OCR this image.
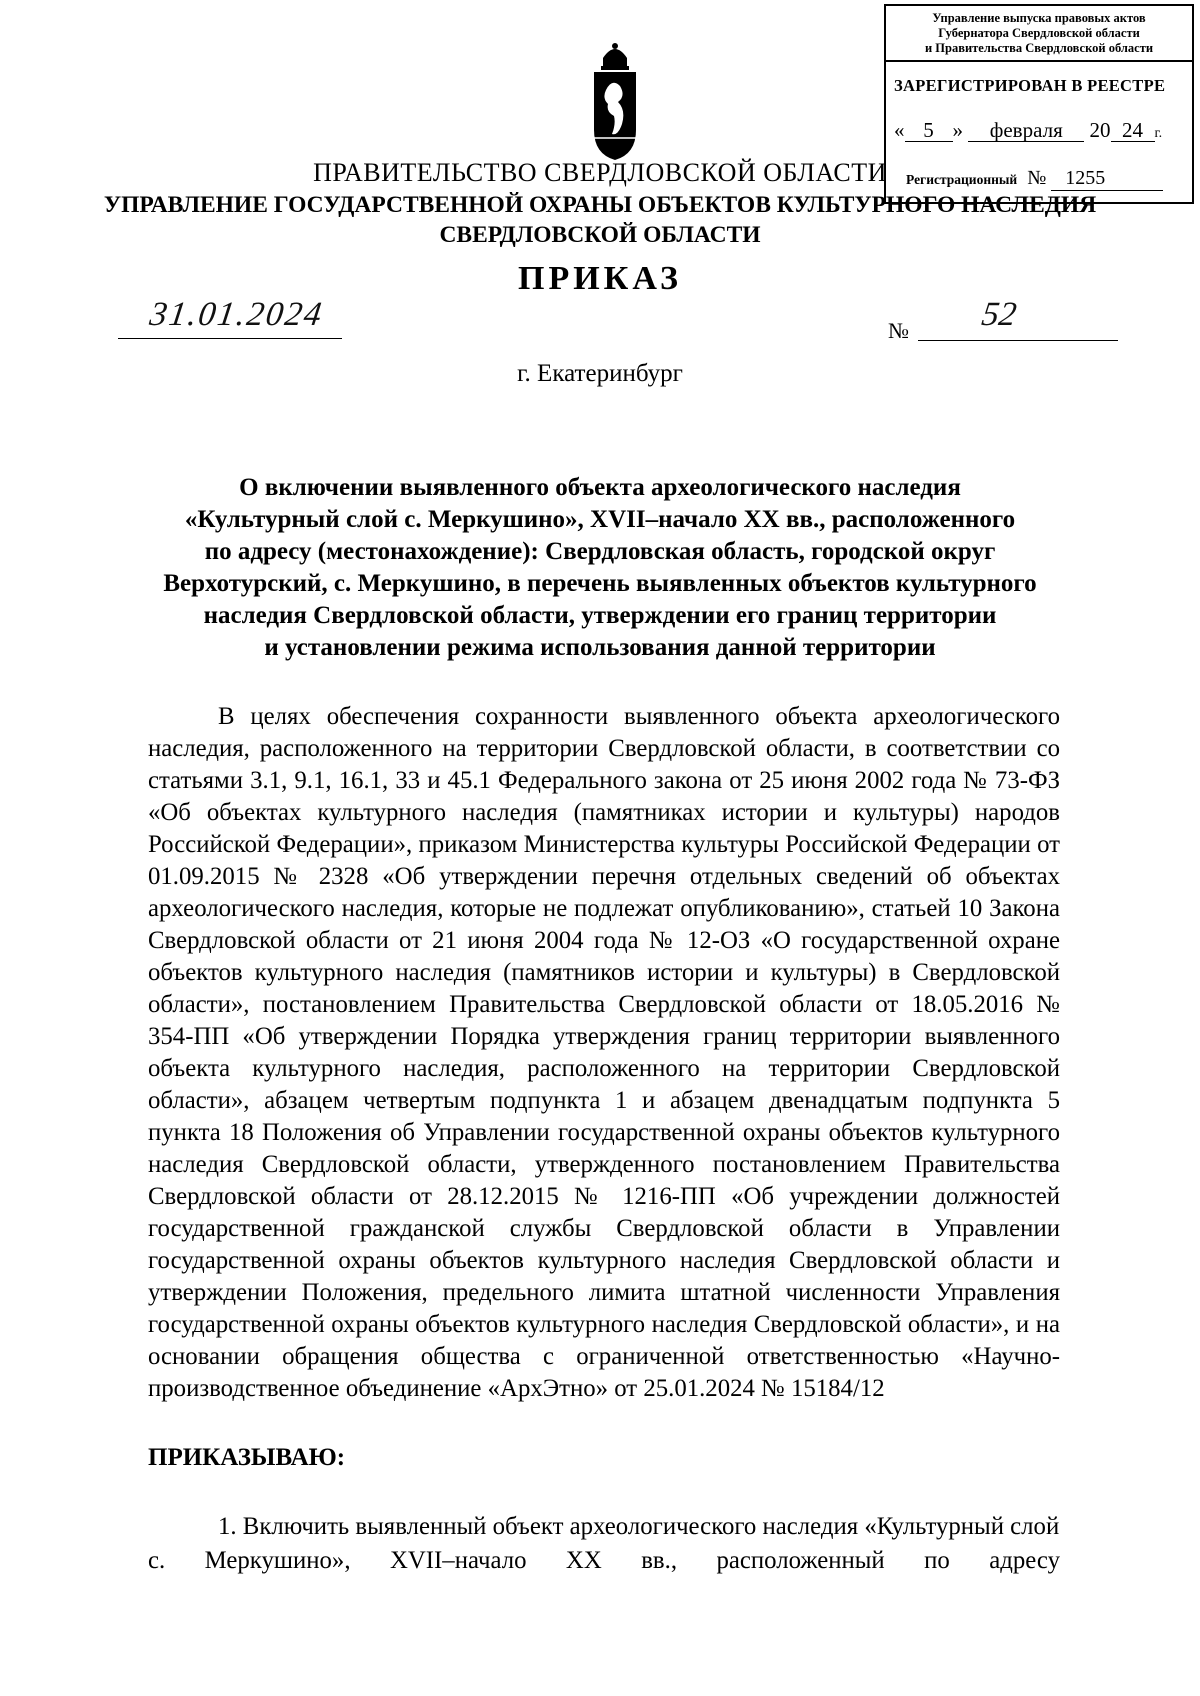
Управление выпуска правовых актов
Губернатора Свердловской области
и Правительства Свердловской области
ЗАРЕГИСТРИРОВАН В РЕЕСТРЕ
« 5 » февраля 20 24 г.
Регистрационный № 1255
ПРАВИТЕЛЬСТВО СВЕРДЛОВСКОЙ ОБЛАСТИ
УПРАВЛЕНИЕ ГОСУДАРСТВЕННОЙ ОХРАНЫ ОБЪЕКТОВ КУЛЬТУРНОГО НАСЛЕДИЯ
СВЕРДЛОВСКОЙ ОБЛАСТИ
ПРИКАЗ
31.01.2024	№ 52
г. Екатеринбург
О включении выявленного объекта археологического наследия
«Культурный слой с. Меркушино», XVII–начало XX вв., расположенного
по адресу (местонахождение): Свердловская область, городской округ
Верхотурский, с. Меркушино, в перечень выявленных объектов культурного
наследия Свердловской области, утверждении его границ территории
и установлении режима использования данной территории

В целях обеспечения сохранности выявленного объекта археологического наследия, расположенного на территории Свердловской области, в соответствии со статьями 3.1, 9.1, 16.1, 33 и 45.1 Федерального закона от 25 июня 2002 года № 73-ФЗ «Об объектах культурного наследия (памятниках истории и культуры) народов Российской Федерации», приказом Министерства культуры Российской Федерации от 01.09.2015 № 2328 «Об утверждении перечня отдельных сведений об объектах археологического наследия, которые не подлежат опубликованию», статьей 10 Закона Свердловской области от 21 июня 2004 года № 12-ОЗ «О государственной охране объектов культурного наследия (памятников истории и культуры) в Свердловской области», постановлением Правительства Свердловской области от 18.05.2016 № 354-ПП «Об утверждении Порядка утверждения границ территории выявленного объекта культурного наследия, расположенного на территории Свердловской области», абзацем четвертым подпункта 1 и абзацем двенадцатым подпункта 5 пункта 18 Положения об Управлении государственной охраны объектов культурного наследия Свердловской области, утвержденного постановлением Правительства Свердловской области от 28.12.2015 № 1216-ПП «Об учреждении должностей государственной гражданской службы Свердловской области в Управлении государственной охраны объектов культурного наследия Свердловской области и утверждении Положения, предельного лимита штатной численности Управления государственной охраны объектов культурного наследия Свердловской области», и на основании обращения общества с ограниченной ответственностью «Научно-производственное объединение «АрхЭтно» от 25.01.2024 № 15184/12

ПРИКАЗЫВАЮ:

1. Включить выявленный объект археологического наследия «Культурный слой

с. Меркушино», XVII–начало XX вв., расположенный по адресу
